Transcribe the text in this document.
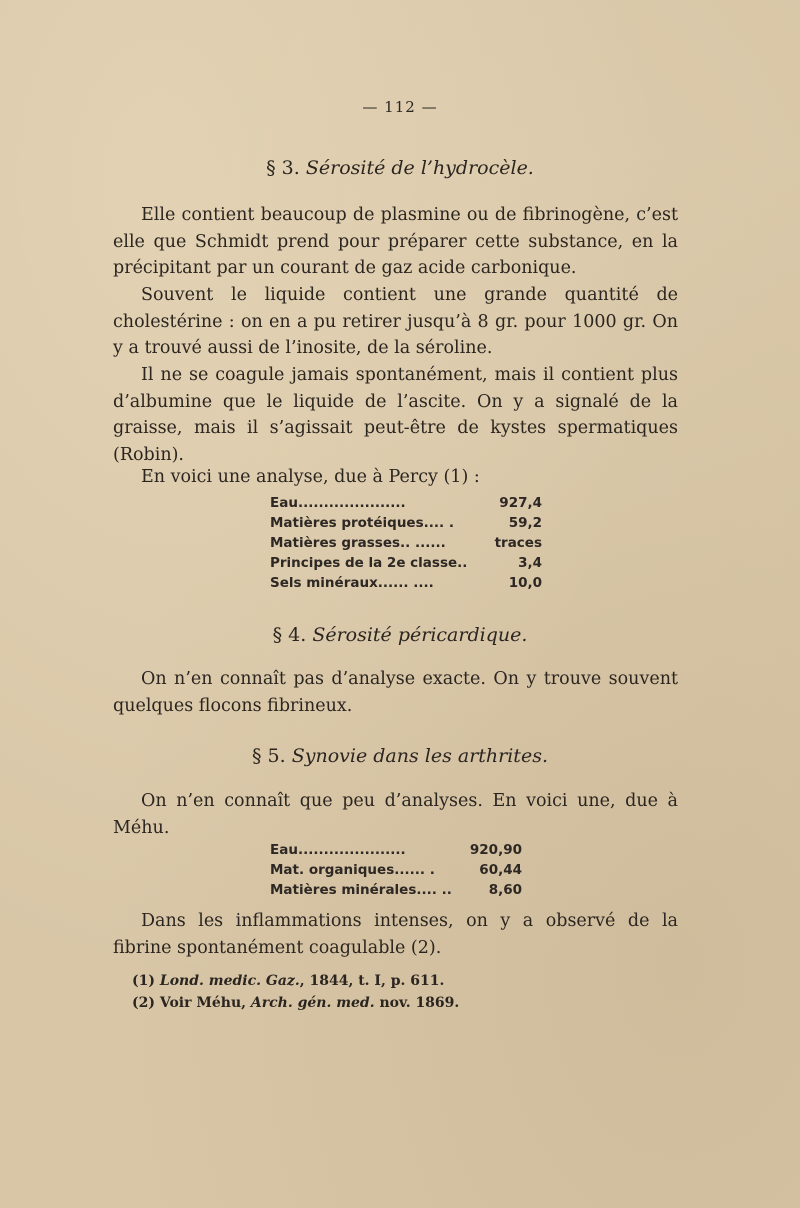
— 112 —
§ 3. Sérosité de l’hydrocèle.

Elle contient beaucoup de plasmine ou de fibrinogène, c’est elle que Schmidt prend pour préparer cette substance, en la précipitant par un courant de gaz acide carbonique.

Souvent le liquide contient une grande quantité de cholestérine : on en a pu retirer jusqu’à 8 gr. pour 1000 gr. On y a trouvé aussi de l’inosite, de la séroline.

Il ne se coagule jamais spontanément, mais il contient plus d’albumine que le liquide de l’ascite. On y a signalé de la graisse, mais il s’agissait peut-être de kystes spermatiques (Robin).

En voici une analyse, due à Percy (1) :

Eau.....................	927,4
Matières protéiques.... .	59,2
Matières grasses.. ......	traces
Principes de la 2e classe..	3,4
Sels minéraux...... ....	10,0
§ 4. Sérosité péricardique.

On n’en connaît pas d’analyse exacte. On y trouve souvent quelques flocons fibrineux.

§ 5. Synovie dans les arthrites.

On n’en connaît que peu d’analyses. En voici une, due à Méhu.

Eau.....................	920,90
Mat. organiques...... .	60,44
Matières minérales.... ..	8,60

Dans les inflammations intenses, on y a observé de la fibrine spontanément coagulable (2).

(1) Lond. medic. Gaz., 1844, t. I, p. 611.
(2) Voir Méhu, Arch. gén. med. nov. 1869.
